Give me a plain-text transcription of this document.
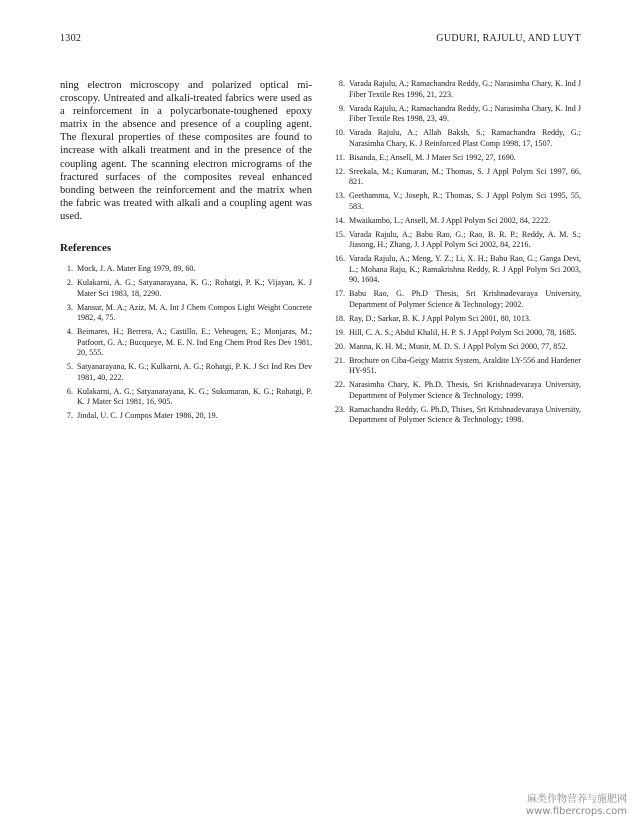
1302	GUDURI, RAJULU, AND LUYT

ning electron microscopy and polarized optical microscopy. Untreated and alkali-treated fabrics were used as a reinforcement in a polycarbonate-toughened epoxy matrix in the absence and presence of a coupling agent. The flexural properties of these composites are found to increase with alkali treatment and in the presence of the coupling agent. The scanning electron micrograms of the fractured surfaces of the composites reveal enhanced bonding between the reinforcement and the matrix when the fabric was treated with alkali and a coupling agent was used.

References
1. Mock, J. A. Mater Eng 1979, 89, 60.
2. Kulakarni, A. G.; Satyanarayana, K. G.; Rohatgi, P. K.; Vijayan, K. J Mater Sci 1983, 18, 2290.
3. Mansur, M. A.; Aziz, M. A. Int J Chem Compos Light Weight Concrete 1982, 4, 75.
4. Beimares, H.; Berrera, A.; Castillo, E.; Veheugen, E.; Monjaras, M.; Patfoort, G. A.; Bucqueye, M. E. N. Ind Eng Chem Prod Res Dev 1981, 20, 555.
5. Satyanarayana, K. G.; Kulkarni, A. G.; Rohatgi, P. K. J Sci Ind Res Dev 1981, 40, 222.
6. Kulakarni, A. G.; Satyanarayana, K. G.; Sukumaran, K. G.; Rohatgi, P. K. J Mater Sci 1981, 16, 905.
7. Jindal, U. C. J Compos Mater 1986, 20, 19.
8. Varada Rajulu, A.; Ramachandra Reddy, G.; Narasimha Chary, K. Ind J Fiber Textile Res 1996, 21, 223.
9. Varada Rajulu, A.; Ramachandra Reddy, G.; Narasimha Chary, K. Ind J Fiber Textile Res 1998, 23, 49.
10. Varada Rajulu, A.; Allah Baksh, S.; Ramachandra Reddy, G.; Narasimha Chary, K. J Reinforced Plast Comp 1998, 17, 1507.
11. Bisanda, E.; Ansell, M. J Mater Sci 1992, 27, 1690.
12. Sreekala, M.; Kumaran, M.; Thomas, S. J Appl Polym Sci 1997, 66, 821.
13. Geethamma, V.; Joseph, R.; Thomas, S. J Appl Polym Sci 1995, 55, 583.
14. Mwaikambo, L.; Ansell, M. J Appl Polym Sci 2002, 84, 2222.
15. Varada Rajulu, A.; Babu Rao, G.; Rao, B. R. P.; Reddy, A. M. S.; Jiasong, H.; Zhang, J. J Appl Polym Sci 2002, 84, 2216.
16. Varada Rajulu, A.; Meng, Y. Z.; Li, X. H.; Babu Rao, G.; Ganga Devi, L.; Mohana Raju, K.; Ramakrishna Reddy, R. J Appl Polym Sci 2003, 90, 1604.
17. Babu Rao, G. Ph.D Thesis, Sri Krishnadevaraya University, Department of Polymer Science & Technology; 2002.
18. Ray, D.; Sarkar, B. K. J Appl Polym Sci 2001, 80, 1013.
19. Hill, C. A. S.; Abdul Khalil, H. P. S. J Appl Polym Sci 2000, 78, 1685.
20. Manna, K. H. M.; Munir, M. D. S. J Appl Polym Sci 2000, 77, 852.
21. Brochure on Ciba-Geigy Matrix System, Araldite LY-556 and Hardener HY-951.
22. Narasimha Chary, K. Ph.D. Thesis, Sri Krishnadevaraya University, Department of Polymer Science & Technology; 1999.
23. Ramachandra Reddy, G. Ph.D, Thises, Sri Krishnadevaraya University, Department of Polymer Science & Technology; 1998.
麻类作物营养与施肥网
www.fibercrops.com
